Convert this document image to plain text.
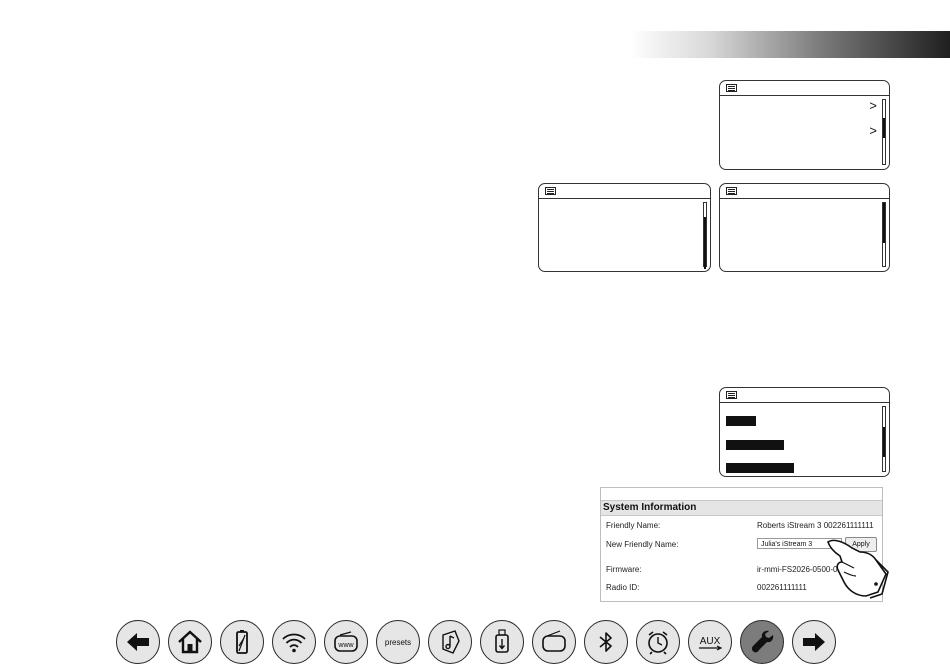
>
>
System Information
Friendly Name:	Roberts iStream 3 002261111111
New Friendly Name:	Julia's iStream 3	Apply
Firmware:	ir-mmi-FS2026-0500-0
Radio ID:	002261111111
www	presets	AUX
